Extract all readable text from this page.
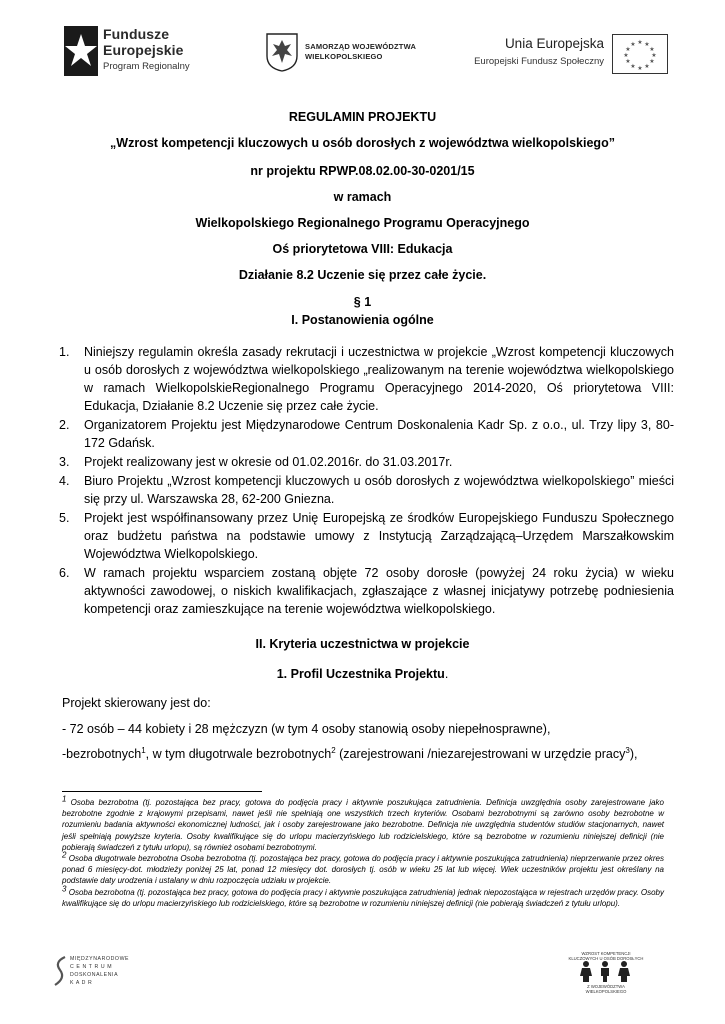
Fundusze
Europejskie
Program Regionalny
SAMORZĄD WOJEWÓDZTWA
WIELKOPOLSKIEGO
Unia Europejska
Europejski Fundusz Społeczny
★ ★
★
★
★
★
★
★
★
★
★
★
REGULAMIN PROJEKTU
„Wzrost kompetencji kluczowych u osób dorosłych z województwa wielkopolskiego”
nr projektu RPWP.08.02.00-30-0201/15
w ramach
Wielkopolskiego Regionalnego Programu Operacyjnego
Oś priorytetowa VIII: Edukacja
Działanie 8.2 Uczenie się przez całe życie.
§ 1
I. Postanowienia ogólne
1. Niniejszy regulamin określa zasady rekrutacji i uczestnictwa w projekcie „Wzrost kompetencji kluczowych u osób dorosłych z województwa wielkopolskiego „realizowanym na terenie województwa wielkopolskiego w ramach WielkopolskieRegionalnego Programu Operacyjnego 2014-2020, Oś priorytetowa VIII: Edukacja, Działanie 8.2 Uczenie się przez całe życie.
2. Organizatorem Projektu jest Międzynarodowe Centrum Doskonalenia Kadr Sp. z o.o., ul. Trzy lipy 3, 80-172 Gdańsk.
3. Projekt realizowany jest w okresie od 01.02.2016r. do 31.03.2017r.
4. Biuro Projektu „Wzrost kompetencji kluczowych u osób dorosłych z województwa wielkopolskiego” mieści się przy ul. Warszawska 28, 62-200 Gniezna.
5. Projekt jest współfinansowany przez Unię Europejską ze środków Europejskiego Funduszu Społecznego oraz budżetu państwa na podstawie umowy z Instytucją Zarządzającą–Urzędem Marszałkowskim Województwa Wielkopolskiego.
6. W ramach projektu wsparciem zostaną objęte 72 osoby dorosłe (powyżej 24 roku życia) w wieku aktywności zawodowej, o niskich kwalifikacjach, zgłaszające z własnej inicjatywy potrzebę podniesienia kompetencji oraz zamieszkujące na terenie województwa wielkopolskiego.
II. Kryteria uczestnictwa w projekcie
1. Profil Uczestnika Projektu.
Projekt skierowany jest do:
- 72 osób – 44 kobiety i 28 mężczyzn (w tym 4 osoby stanowią osoby niepełnosprawne),
-bezrobotnych$^1$, w tym długotrwale bezrobotnych$^2$ (zarejestrowani /niezarejestrowani w urzędzie pracy$^3$),

$^1$ Osoba bezrobotna (tj. pozostająca bez pracy, gotowa do podjęcia pracy i aktywnie poszukująca zatrudnienia. Definicja uwzględnia osoby zarejestrowane jako bezrobotne zgodnie z krajowymi przepisami, nawet jeśli nie spełniają one wszystkich trzech kryteriów. Osobami bezrobotnymi są zarówno osoby bezrobotne w rozumieniu badania aktywności ekonomicznej ludności, jak i osoby zarejestrowane jako bezrobotne. Definicja nie uwzględnia studentów studiów stacjonarnych, nawet jeśli spełniają powyższe kryteria. Osoby kwalifikujące się do urlopu macierzyńskiego lub rodzicielskiego, które są bezrobotne w rozumieniu niniejszej definicji (nie pobierają świadczeń z tytułu urlopu), są również osobami bezrobotnymi.

$^2$ Osoba długotrwale bezrobotna Osoba bezrobotna (tj. pozostająca bez pracy, gotowa do podjęcia pracy i aktywnie poszukująca zatrudnienia) nieprzerwanie przez okres ponad 6 miesięcy-dot. młodzieży poniżej 25 lat, ponad 12 miesięcy dot. dorosłych tj. osób w wieku 25 lat lub więcej. Wiek uczestników projektu jest określany na podstawie daty urodzenia i ustalany w dniu rozpoczęcia udziału w projekcie.

$^3$ Osoba bezrobotna (tj. pozostająca bez pracy, gotowa do podjęcia pracy i aktywnie poszukująca zatrudnienia) jednak niepozostająca w rejestrach urzędów pracy. Osoby kwalifikujące się do urlopu macierzyńskiego lub rodzicielskiego, które są bezrobotne w rozumieniu niniejszej definicji (nie pobierają świadczeń z tytułu urlopu).

MIĘDZYNARODOWE
C E N T R U M
DOSKONALENIA
K A D R
WZROST KOMPETENCJI
KLUCZOWYCH U OSÓB DOROSŁYCH
Z WOJEWÓDZTWA
WIELKOPOLSKIEGO
